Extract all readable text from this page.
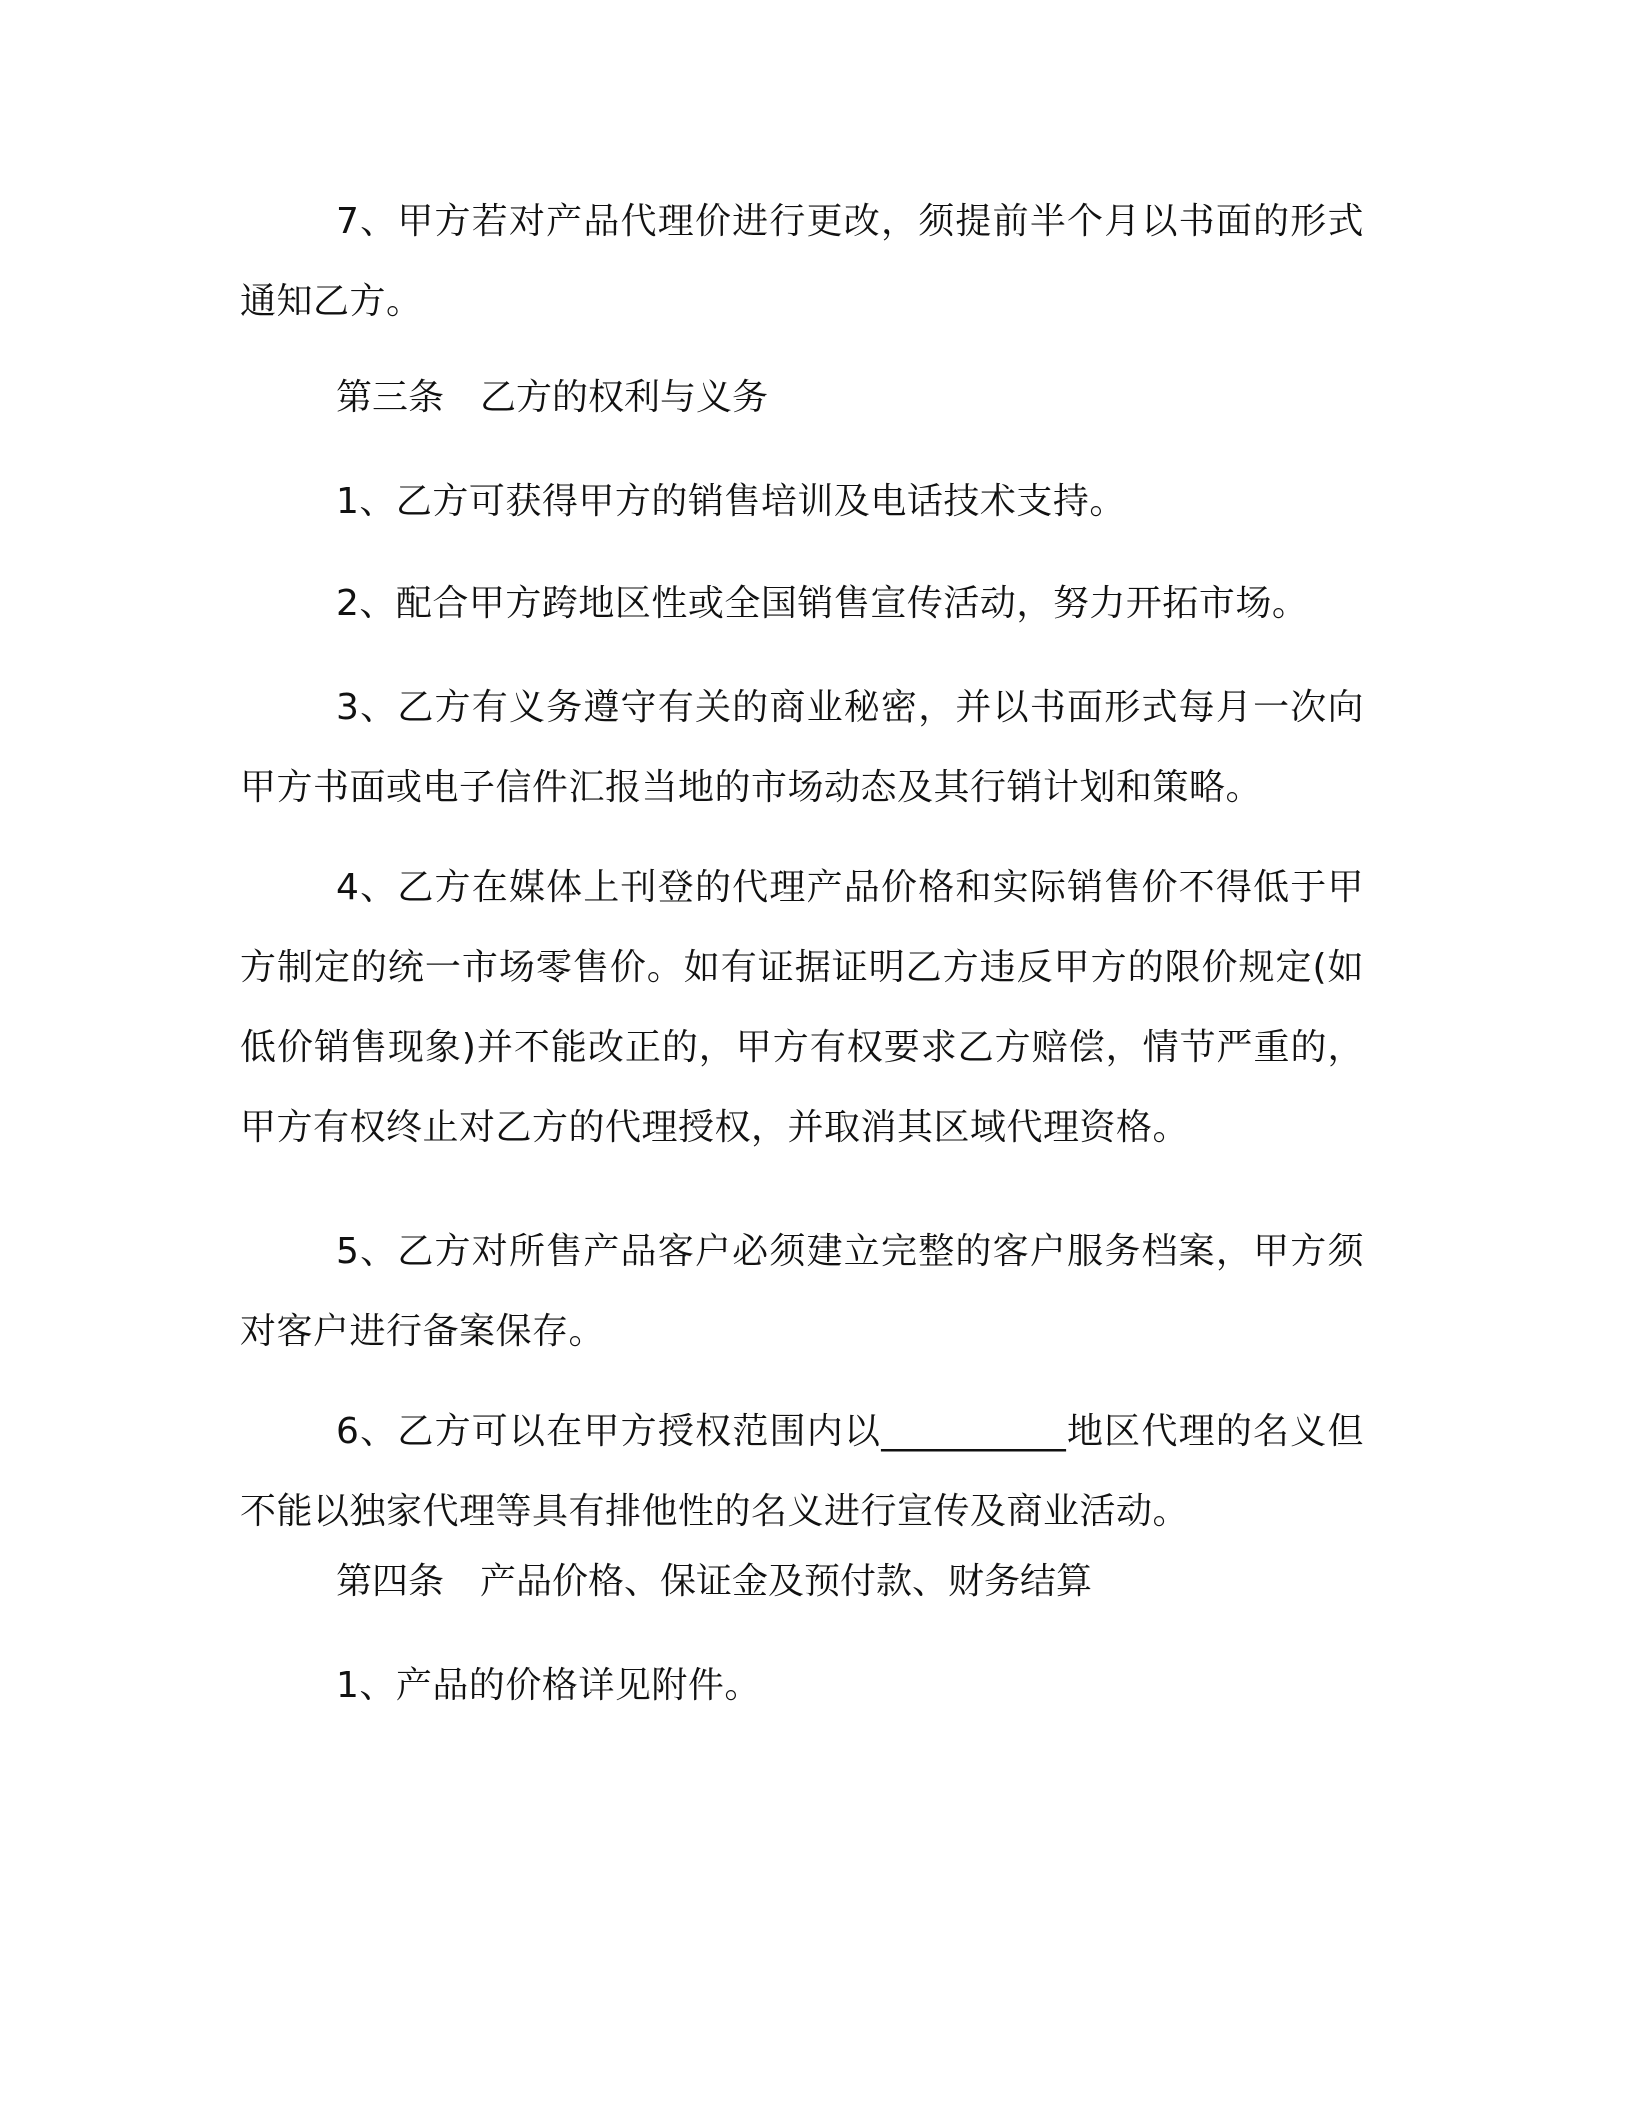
7、甲方若对产品代理价进行更改，须提前半个月以书面的形式通知乙方。

第三条　乙方的权利与义务

1、乙方可获得甲方的销售培训及电话技术支持。

2、配合甲方跨地区性或全国销售宣传活动，努力开拓市场。

3、乙方有义务遵守有关的商业秘密，并以书面形式每月一次向甲方书面或电子信件汇报当地的市场动态及其行销计划和策略。

4、乙方在媒体上刊登的代理产品价格和实际销售价不得低于甲方制定的统一市场零售价。如有证据证明乙方违反甲方的限价规定(如低价销售现象)并不能改正的，甲方有权要求乙方赔偿，情节严重的，甲方有权终止对乙方的代理授权，并取消其区域代理资格。

5、乙方对所售产品客户必须建立完整的客户服务档案，甲方须对客户进行备案保存。

6、乙方可以在甲方授权范围内以__________地区代理的名义但不能以独家代理等具有排他性的名义进行宣传及商业活动。

第四条　产品价格、保证金及预付款、财务结算

1、产品的价格详见附件。
